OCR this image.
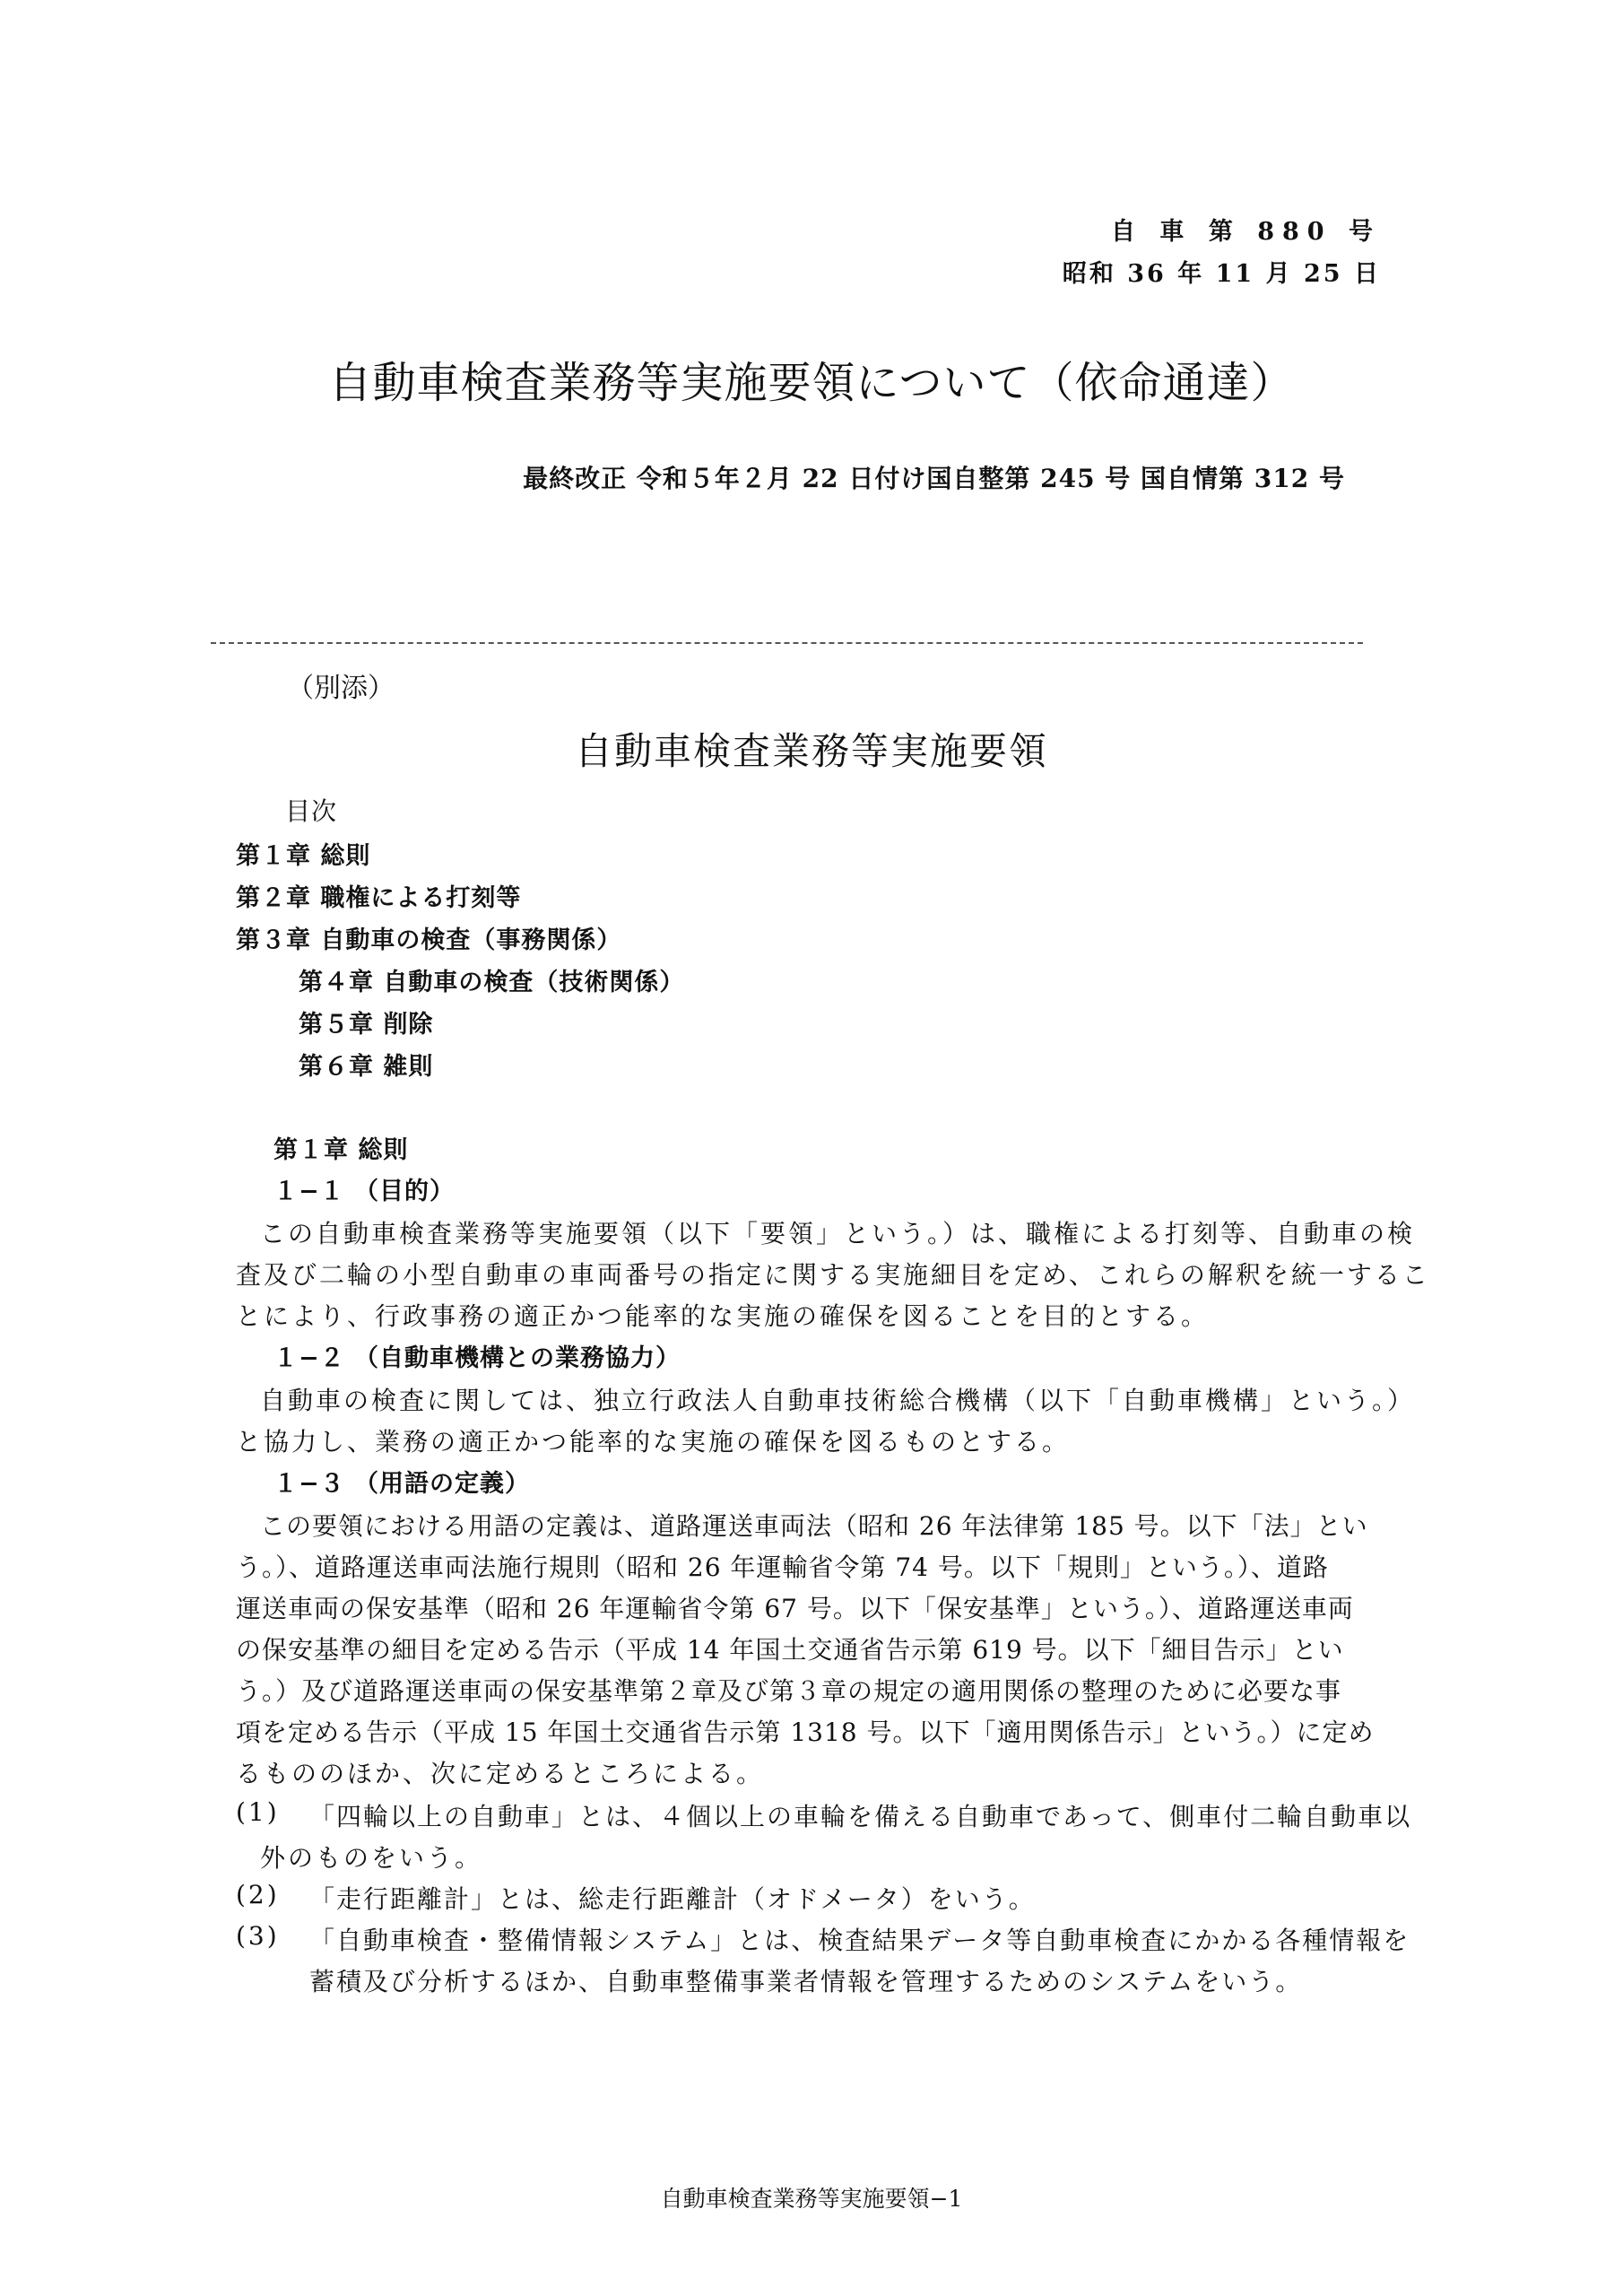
自 車 第 880 号
昭和 36 年 11 月 25 日
自動車検査業務等実施要領について（依命通達）
最終改正 令和５年２月 22 日付け国自整第 245 号 国自情第 312 号
（別添）
自動車検査業務等実施要領
目次
第１章 総則
第２章 職権による打刻等
第３章 自動車の検査（事務関係）
第４章 自動車の検査（技術関係）
第５章 削除
第６章 雑則
第１章 総則
１−１ （目的）
この自動車検査業務等実施要領（以下「要領」という。）は、職権による打刻等、自動車の検
査及び二輪の小型自動車の車両番号の指定に関する実施細目を定め、これらの解釈を統一するこ
とにより、行政事務の適正かつ能率的な実施の確保を図ることを目的とする。
１−２ （自動車機構との業務協力）
自動車の検査に関しては、独立行政法人自動車技術総合機構（以下「自動車機構」という。）
と協力し、業務の適正かつ能率的な実施の確保を図るものとする。
１−３ （用語の定義）
この要領における用語の定義は、道路運送車両法（昭和 26 年法律第 185 号。以下「法」とい
う。）、道路運送車両法施行規則（昭和 26 年運輸省令第 74 号。以下「規則」という。）、道路
運送車両の保安基準（昭和 26 年運輸省令第 67 号。以下「保安基準」という。）、道路運送車両
の保安基準の細目を定める告示（平成 14 年国土交通省告示第 619 号。以下「細目告示」とい
う。）及び道路運送車両の保安基準第２章及び第３章の規定の適用関係の整理のために必要な事
項を定める告示（平成 15 年国土交通省告示第 1318 号。以下「適用関係告示」という。）に定め
るもののほか、次に定めるところによる。
(1) 「四輪以上の自動車」とは、４個以上の車輪を備える自動車であって、側車付二輪自動車以
外のものをいう。
(2) 「走行距離計」とは、総走行距離計（オドメータ）をいう。
(3) 「自動車検査・整備情報システム」とは、検査結果データ等自動車検査にかかる各種情報を
蓄積及び分析するほか、自動車整備事業者情報を管理するためのシステムをいう。
自動車検査業務等実施要領−1
